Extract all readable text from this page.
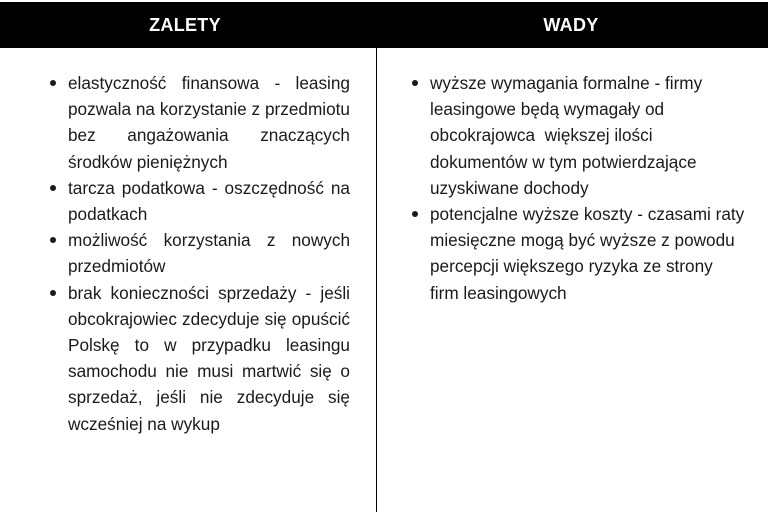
ZALETY	WADY
elastyczność finansowa - leasing pozwala na korzystanie z przedmiotu bez angażowania znaczących środków pieniężnych
tarcza podatkowa - oszczędność na podatkach
możliwość korzystania z nowych przedmiotów
brak konieczności sprzedaży - jeśli obcokrajowiec zdecyduje się opuścić Polskę to w przypadku leasingu samochodu nie musi martwić się o sprzedaż, jeśli nie zdecyduje się wcześniej na wykup
wyższe wymagania formalne - firmy leasingowe będą wymagały od obcokrajowca  większej ilości dokumentów w tym potwierdzające uzyskiwane dochody
potencjalne wyższe koszty - czasami raty miesięczne mogą być wyższe z powodu percepcji większego ryzyka ze strony firm leasingowych
